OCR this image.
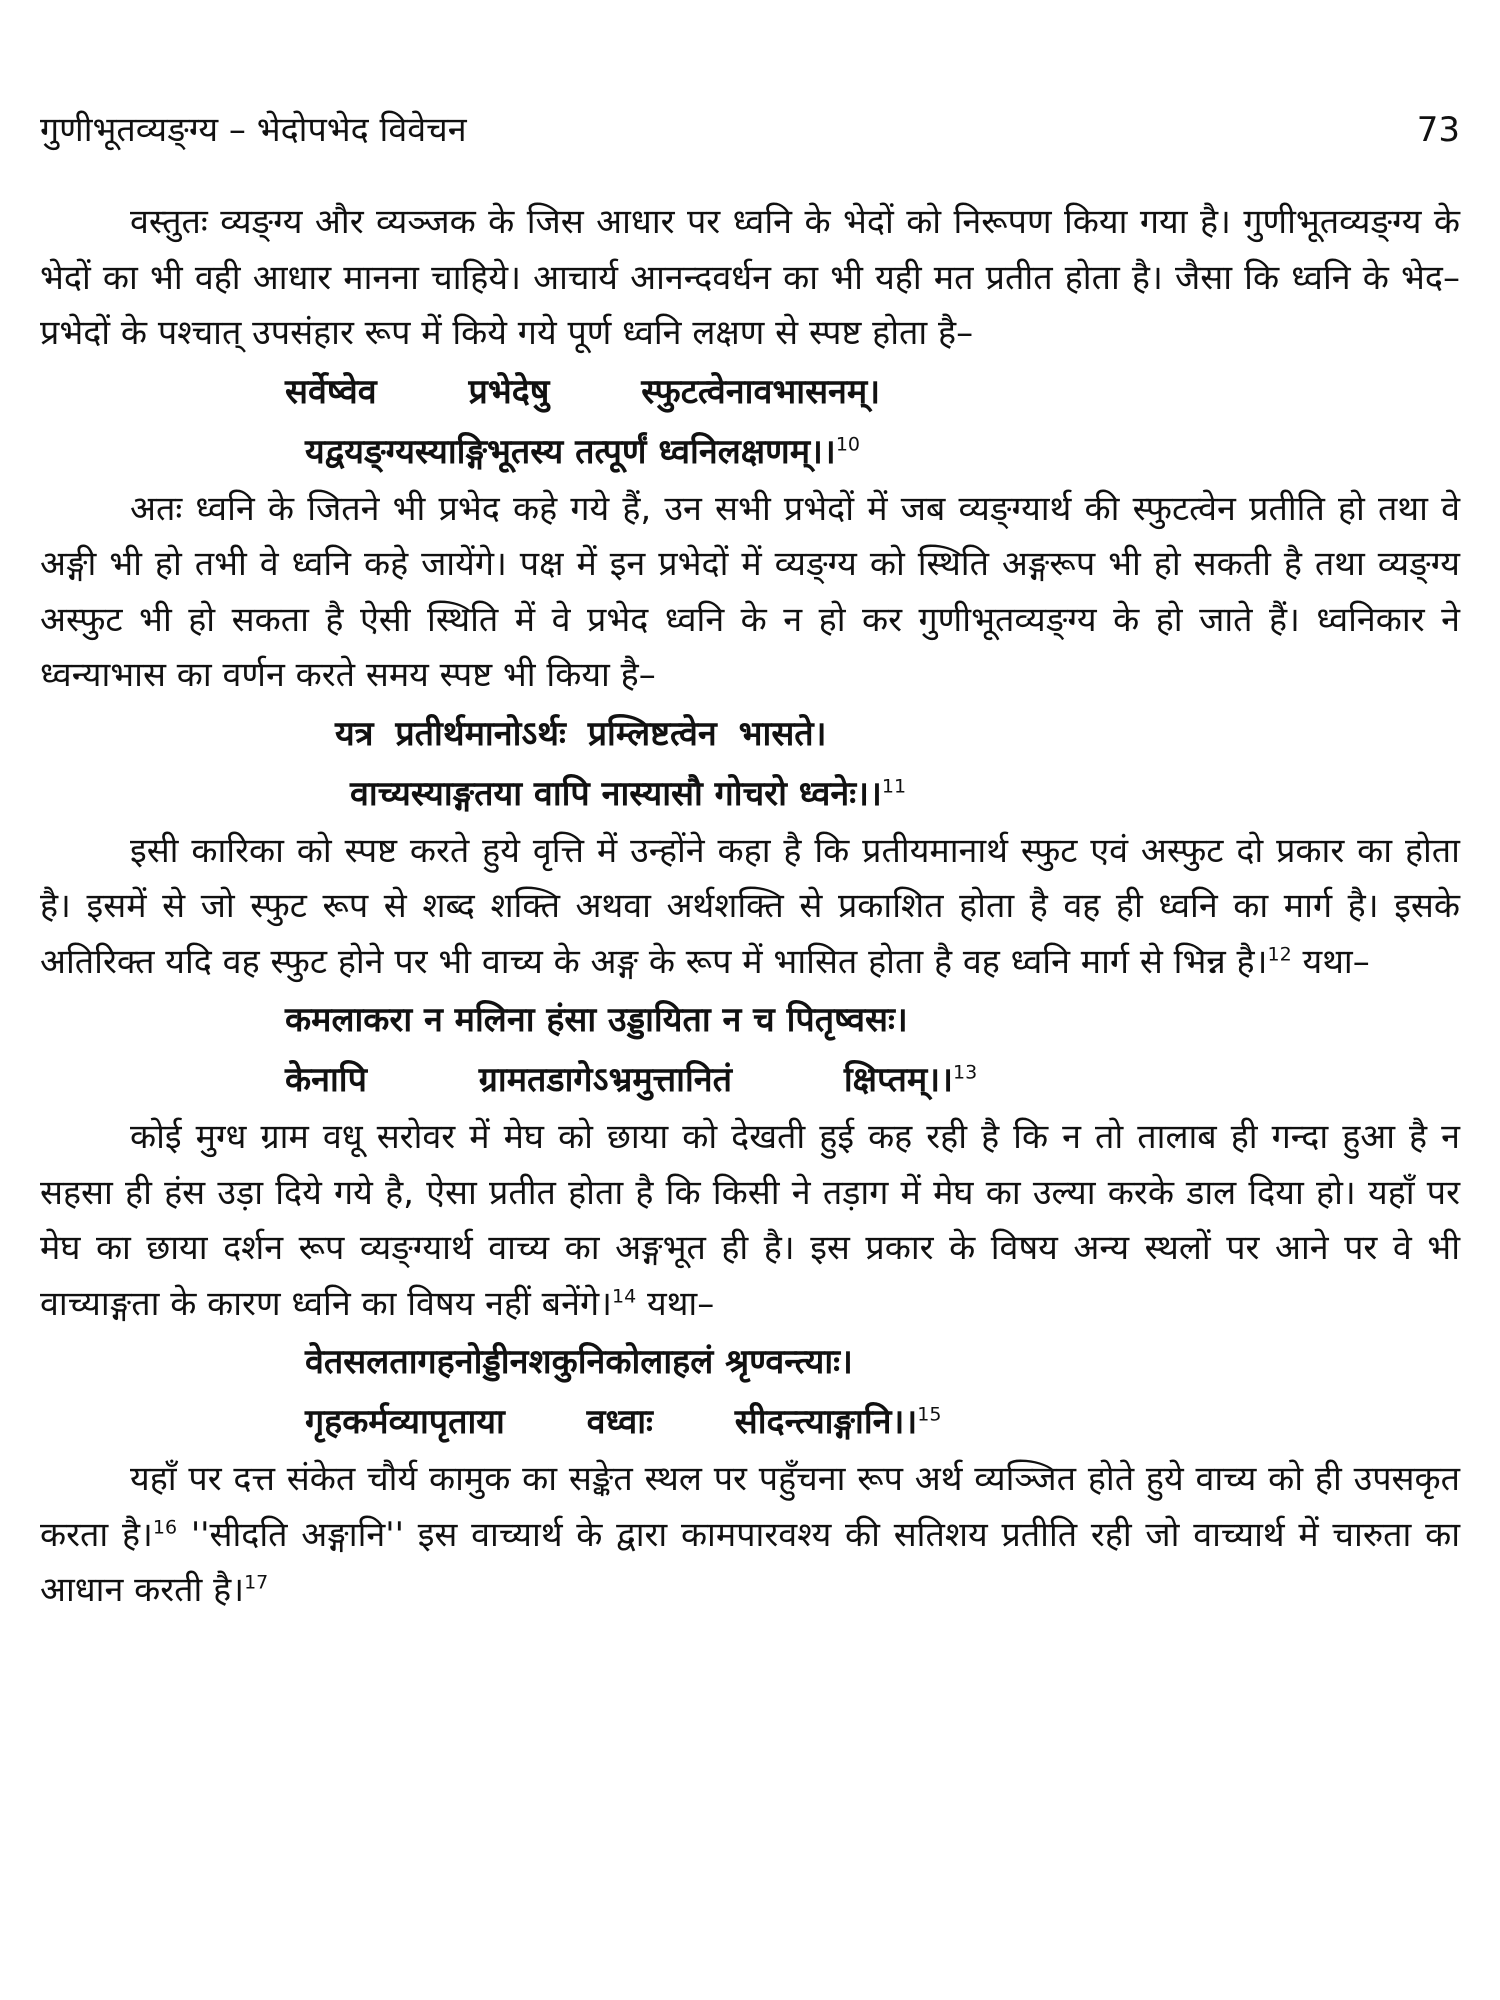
गुणीभूतव्यङ्ग्य – भेदोपभेद विवेचन	73

वस्तुतः व्यङ्ग्य और व्यञ्जक के जिस आधार पर ध्वनि के भेदों को निरूपण किया गया है। गुणीभूतव्यङ्ग्य के भेदों का भी वही आधार मानना चाहिये। आचार्य आनन्दवर्धन का भी यही मत प्रतीत होता है। जैसा कि ध्वनि के भेद–प्रभेदों के पश्चात् उपसंहार रूप में किये गये पूर्ण ध्वनि लक्षण से स्पष्ट होता है–

सर्वेष्वेव प्रभेदेषु स्फुटत्वेनावभासनम्।
यद्वयङ्ग्यस्याङ्गिभूतस्य तत्पूर्णं ध्वनिलक्षणम्।।$^{10}$

अतः ध्वनि के जितने भी प्रभेद कहे गये हैं, उन सभी प्रभेदों में जब व्यङ्ग्यार्थ की स्फुटत्वेन प्रतीति हो तथा वे अङ्गी भी हो तभी वे ध्वनि कहे जायेंगे। पक्ष में इन प्रभेदों में व्यङ्ग्य को स्थिति अङ्गरूप भी हो सकती है तथा व्यङ्ग्य अस्फुट भी हो सकता है ऐसी स्थिति में वे प्रभेद ध्वनि के न हो कर गुणीभूतव्यङ्ग्य के हो जाते हैं। ध्वनिकार ने ध्वन्याभास का वर्णन करते समय स्पष्ट भी किया है–

यत्र प्रतीर्थमानोऽर्थः प्रम्लिष्टत्वेन भासते।
वाच्यस्याङ्गतया वापि नास्यासौ गोचरो ध्वनेः।।$^{11}$

इसी कारिका को स्पष्ट करते हुये वृत्ति में उन्होंने कहा है कि प्रतीयमानार्थ स्फुट एवं अस्फुट दो प्रकार का होता है। इसमें से जो स्फुट रूप से शब्द शक्ति अथवा अर्थशक्ति से प्रकाशित होता है वह ही ध्वनि का मार्ग है। इसके अतिरिक्त यदि वह स्फुट होने पर भी वाच्य के अङ्ग के रूप में भासित होता है वह ध्वनि मार्ग से भिन्न है।$^{12}$ यथा–

कमलाकरा न मलिना हंसा उड्डायिता न च पितृष्वसः।
केनापि ग्रामतडागेऽभ्रमुत्तानितं क्षिप्तम्।।$^{13}$

कोई मुग्ध ग्राम वधू सरोवर में मेघ को छाया को देखती हुई कह रही है कि न तो तालाब ही गन्दा हुआ है न सहसा ही हंस उड़ा दिये गये है, ऐसा प्रतीत होता है कि किसी ने तड़ाग में मेघ का उल्या करके डाल दिया हो। यहाँ पर मेघ का छाया दर्शन रूप व्यङ्ग्यार्थ वाच्य का अङ्गभूत ही है। इस प्रकार के विषय अन्य स्थलों पर आने पर वे भी वाच्याङ्गता के कारण ध्वनि का विषय नहीं बनेंगे।$^{14}$ यथा–

वेतसलतागहनोड्डीनशकुनिकोलाहलं श्रृण्वन्त्याः।
गृहकर्मव्यापृताया वध्वाः सीदन्त्याङ्गानि।।$^{15}$

यहाँ पर दत्त संकेत चौर्य कामुक का सङ्केत स्थल पर पहुँचना रूप अर्थ व्यञ्जित होते हुये वाच्य को ही उपसकृत करता है।$^{16}$ ''सीदति अङ्गानि'' इस वाच्यार्थ के द्वारा कामपारवश्य की सतिशय प्रतीति रही जो वाच्यार्थ में चारुता का आधान करती है।$^{17}$
